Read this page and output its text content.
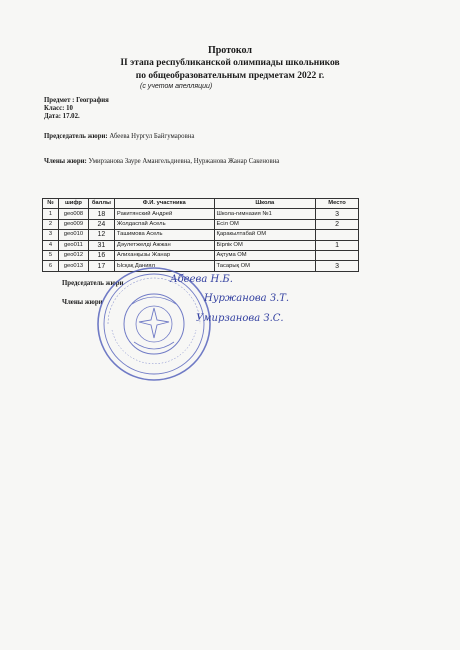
Протокол
II этапа республиканской олимпиады школьников
по общеобразовательным предметам 2022 г.
(с учетом апелляции)
Предмет : География
Класс: 10
Дата: 17.02.
Председатель жюри: Абеева Нургул Байгумаровна
Члены жюри: Умирзанова Зауре Амангельдиевна, Нуржанова Жанар Сакеновна
№	шифр	баллы	Ф.И. участника	Школа	Место
1	geo008	18	Ракитянский Андрей	Школа-гимназия №1	3
2	geo009	24	Жолдаспай Асель	Есіл ОМ	2
3	geo010	12	Ташимова Асель	Қаракылтабай ОМ	
4	geo011	31	Дәулетжелді Ажжан	Бірлік ОМ	1
5	geo012	16	Алиханқызы Жанар	Ақтума ОМ	
6	geo013	17	Ысқақ Даниял	Тасарық ОМ	3
Председатель жюри
Члены жюри
Абеева Н.Б.
Нуржанова З.Т.
Умирзанова З.С.
